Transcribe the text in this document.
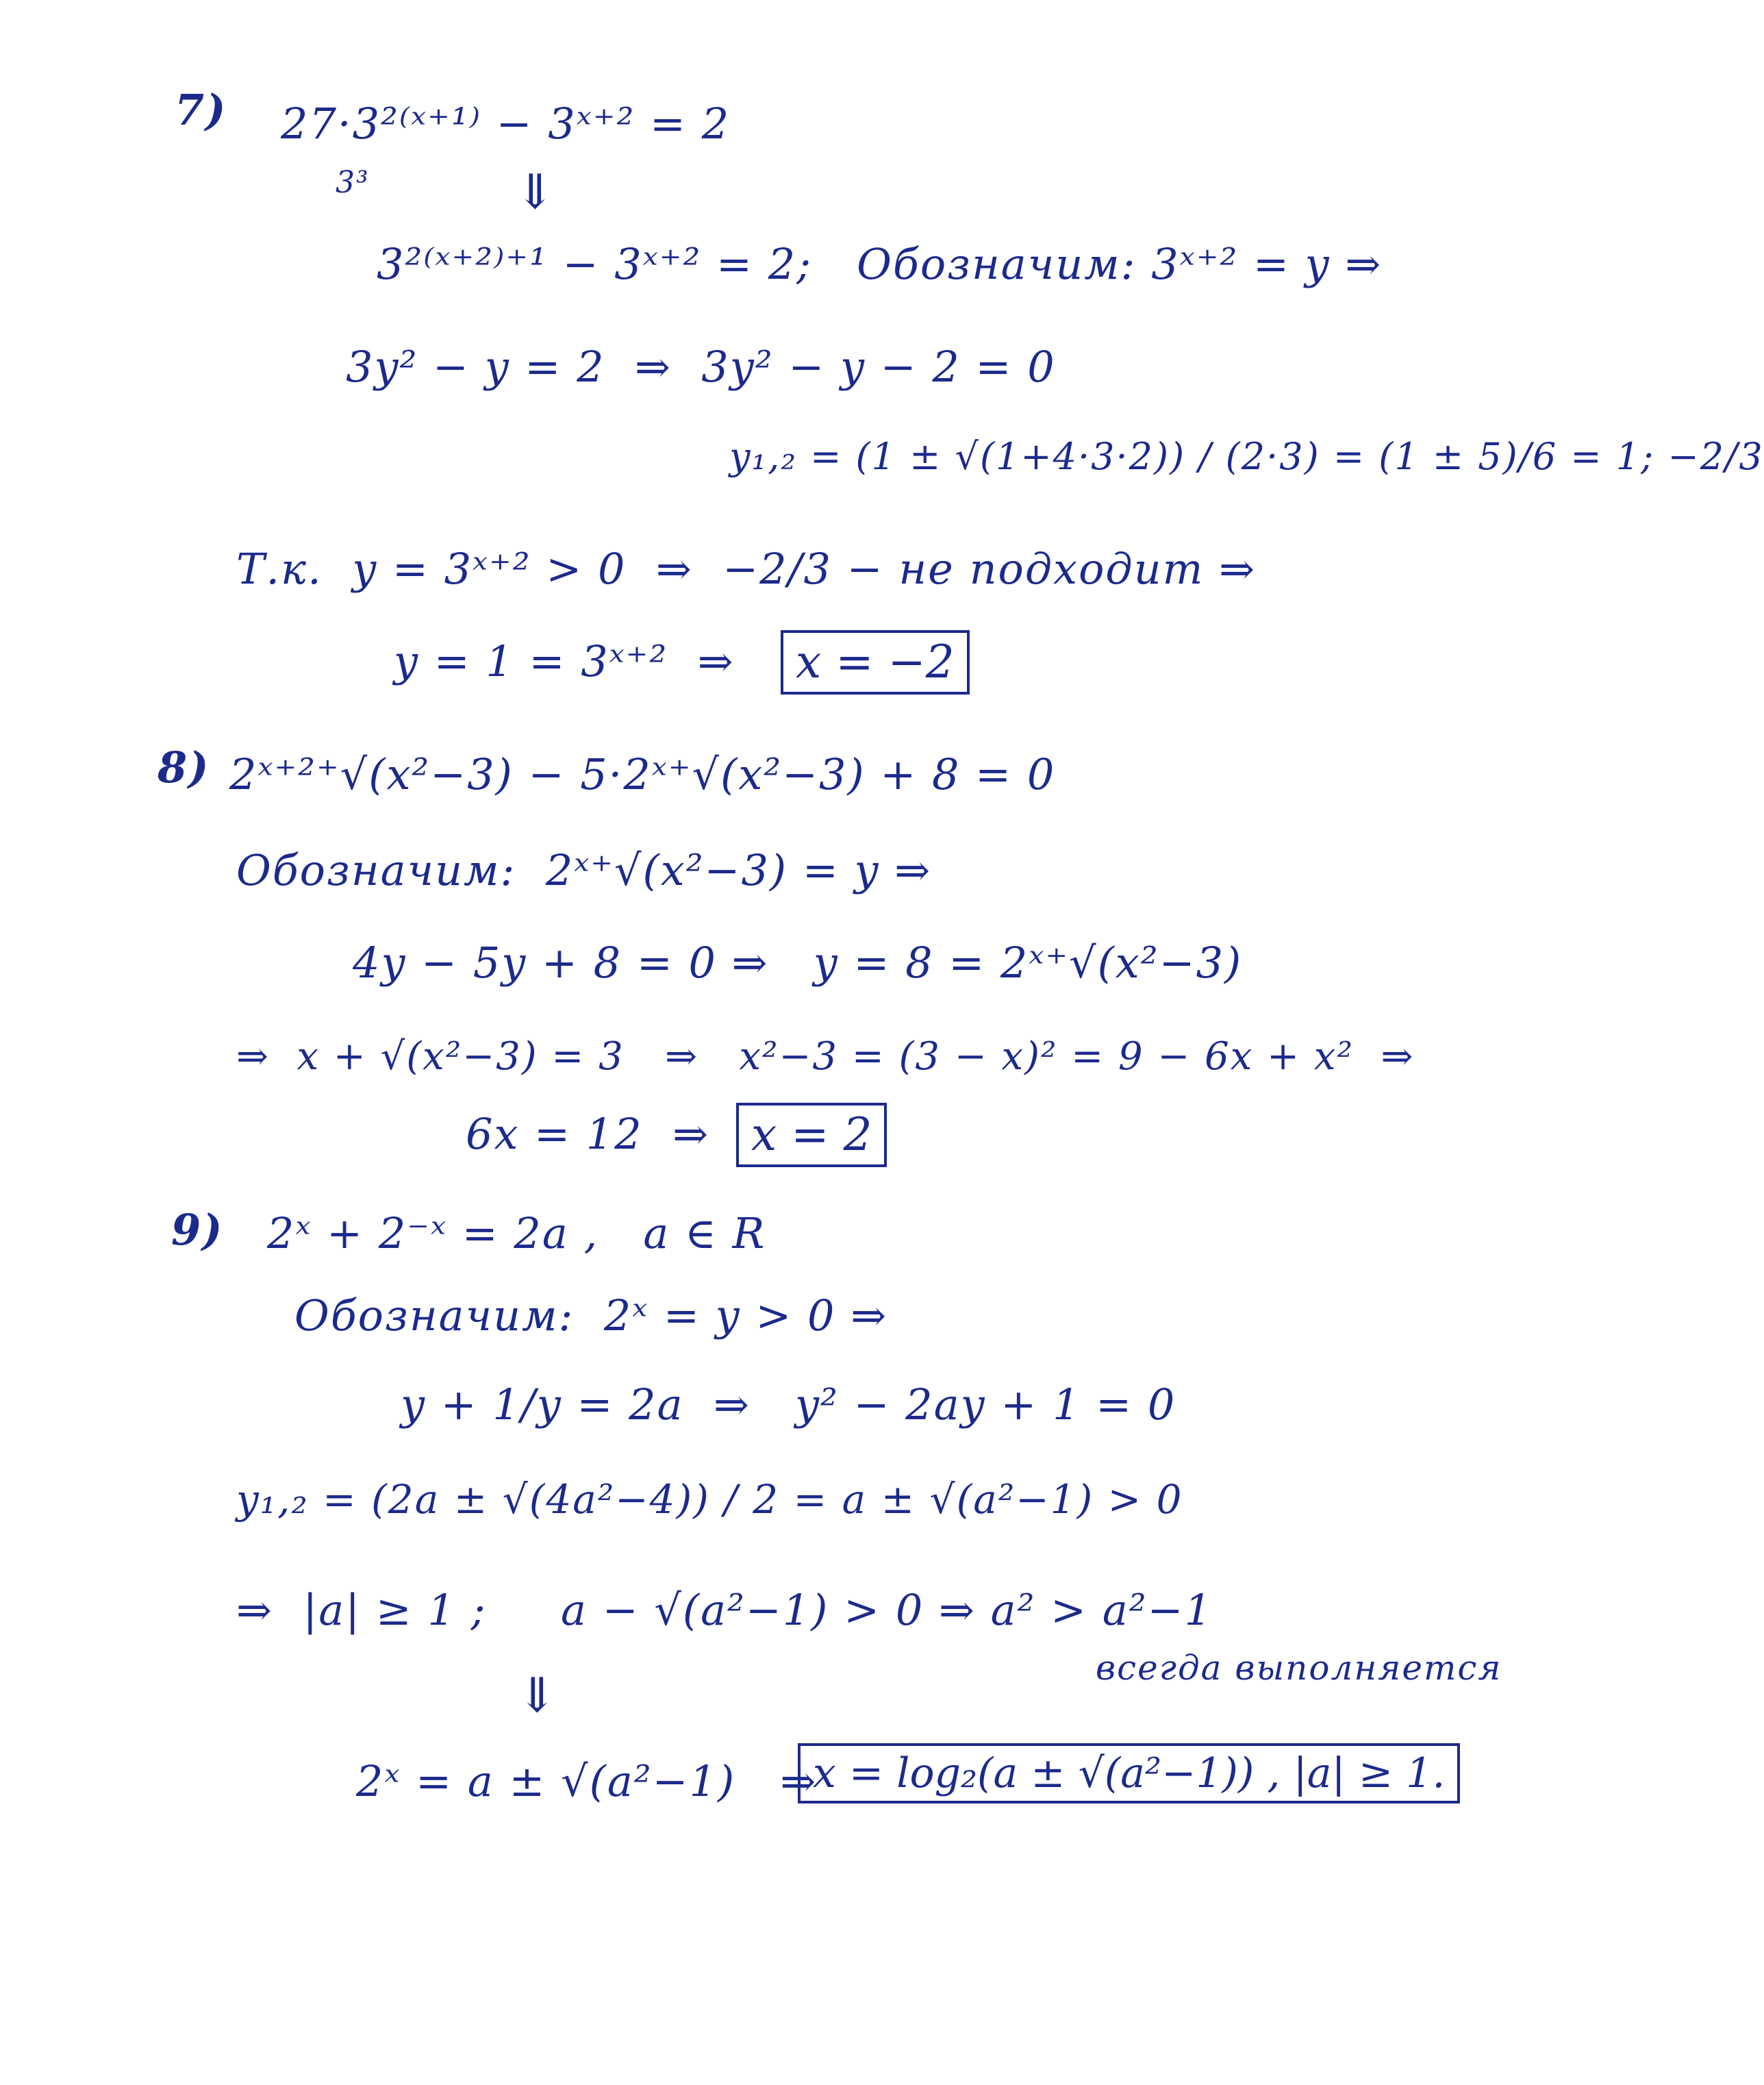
7) 27·3²⁽ˣ⁺¹⁾ − 3ˣ⁺² = 2
3³	⇓
3²⁽ˣ⁺²⁾⁺¹ − 3ˣ⁺² = 2;   Обозначим: 3ˣ⁺² = y ⇒
3y² − y = 2  ⇒  3y² − y − 2 = 0
y₁,₂ = (1 ± √(1+4·3·2)) / (2·3) = (1 ± 5)/6 = 1; −2/3
Т.к.  y = 3ˣ⁺² > 0  ⇒  −2/3 − не подходит ⇒
y = 1 = 3ˣ⁺²  ⇒	x = −2
8) 2ˣ⁺²⁺√(x²−3) − 5·2ˣ⁺√(x²−3) + 8 = 0
Обозначим:  2ˣ⁺√(x²−3) = y ⇒
4y − 5y + 8 = 0 ⇒   y = 8 = 2ˣ⁺√(x²−3)
⇒  x + √(x²−3) = 3   ⇒   x²−3 = (3 − x)² = 9 − 6x + x²  ⇒
6x = 12  ⇒ x = 2
9) 2ˣ + 2⁻ˣ = 2a ,   a ∈ R
Обозначим:  2ˣ = y > 0 ⇒
y + 1/y = 2a  ⇒   y² − 2ay + 1 = 0
y₁,₂ = (2a ± √(4a²−4)) / 2 = a ± √(a²−1) > 0
⇒  |a| ≥ 1 ;     a − √(a²−1) > 0 ⇒ a² > a²−1
всегда выполняется
⇓
2ˣ = a ± √(a²−1)   ⇒
x = log₂(a ± √(a²−1)) , |a| ≥ 1.
